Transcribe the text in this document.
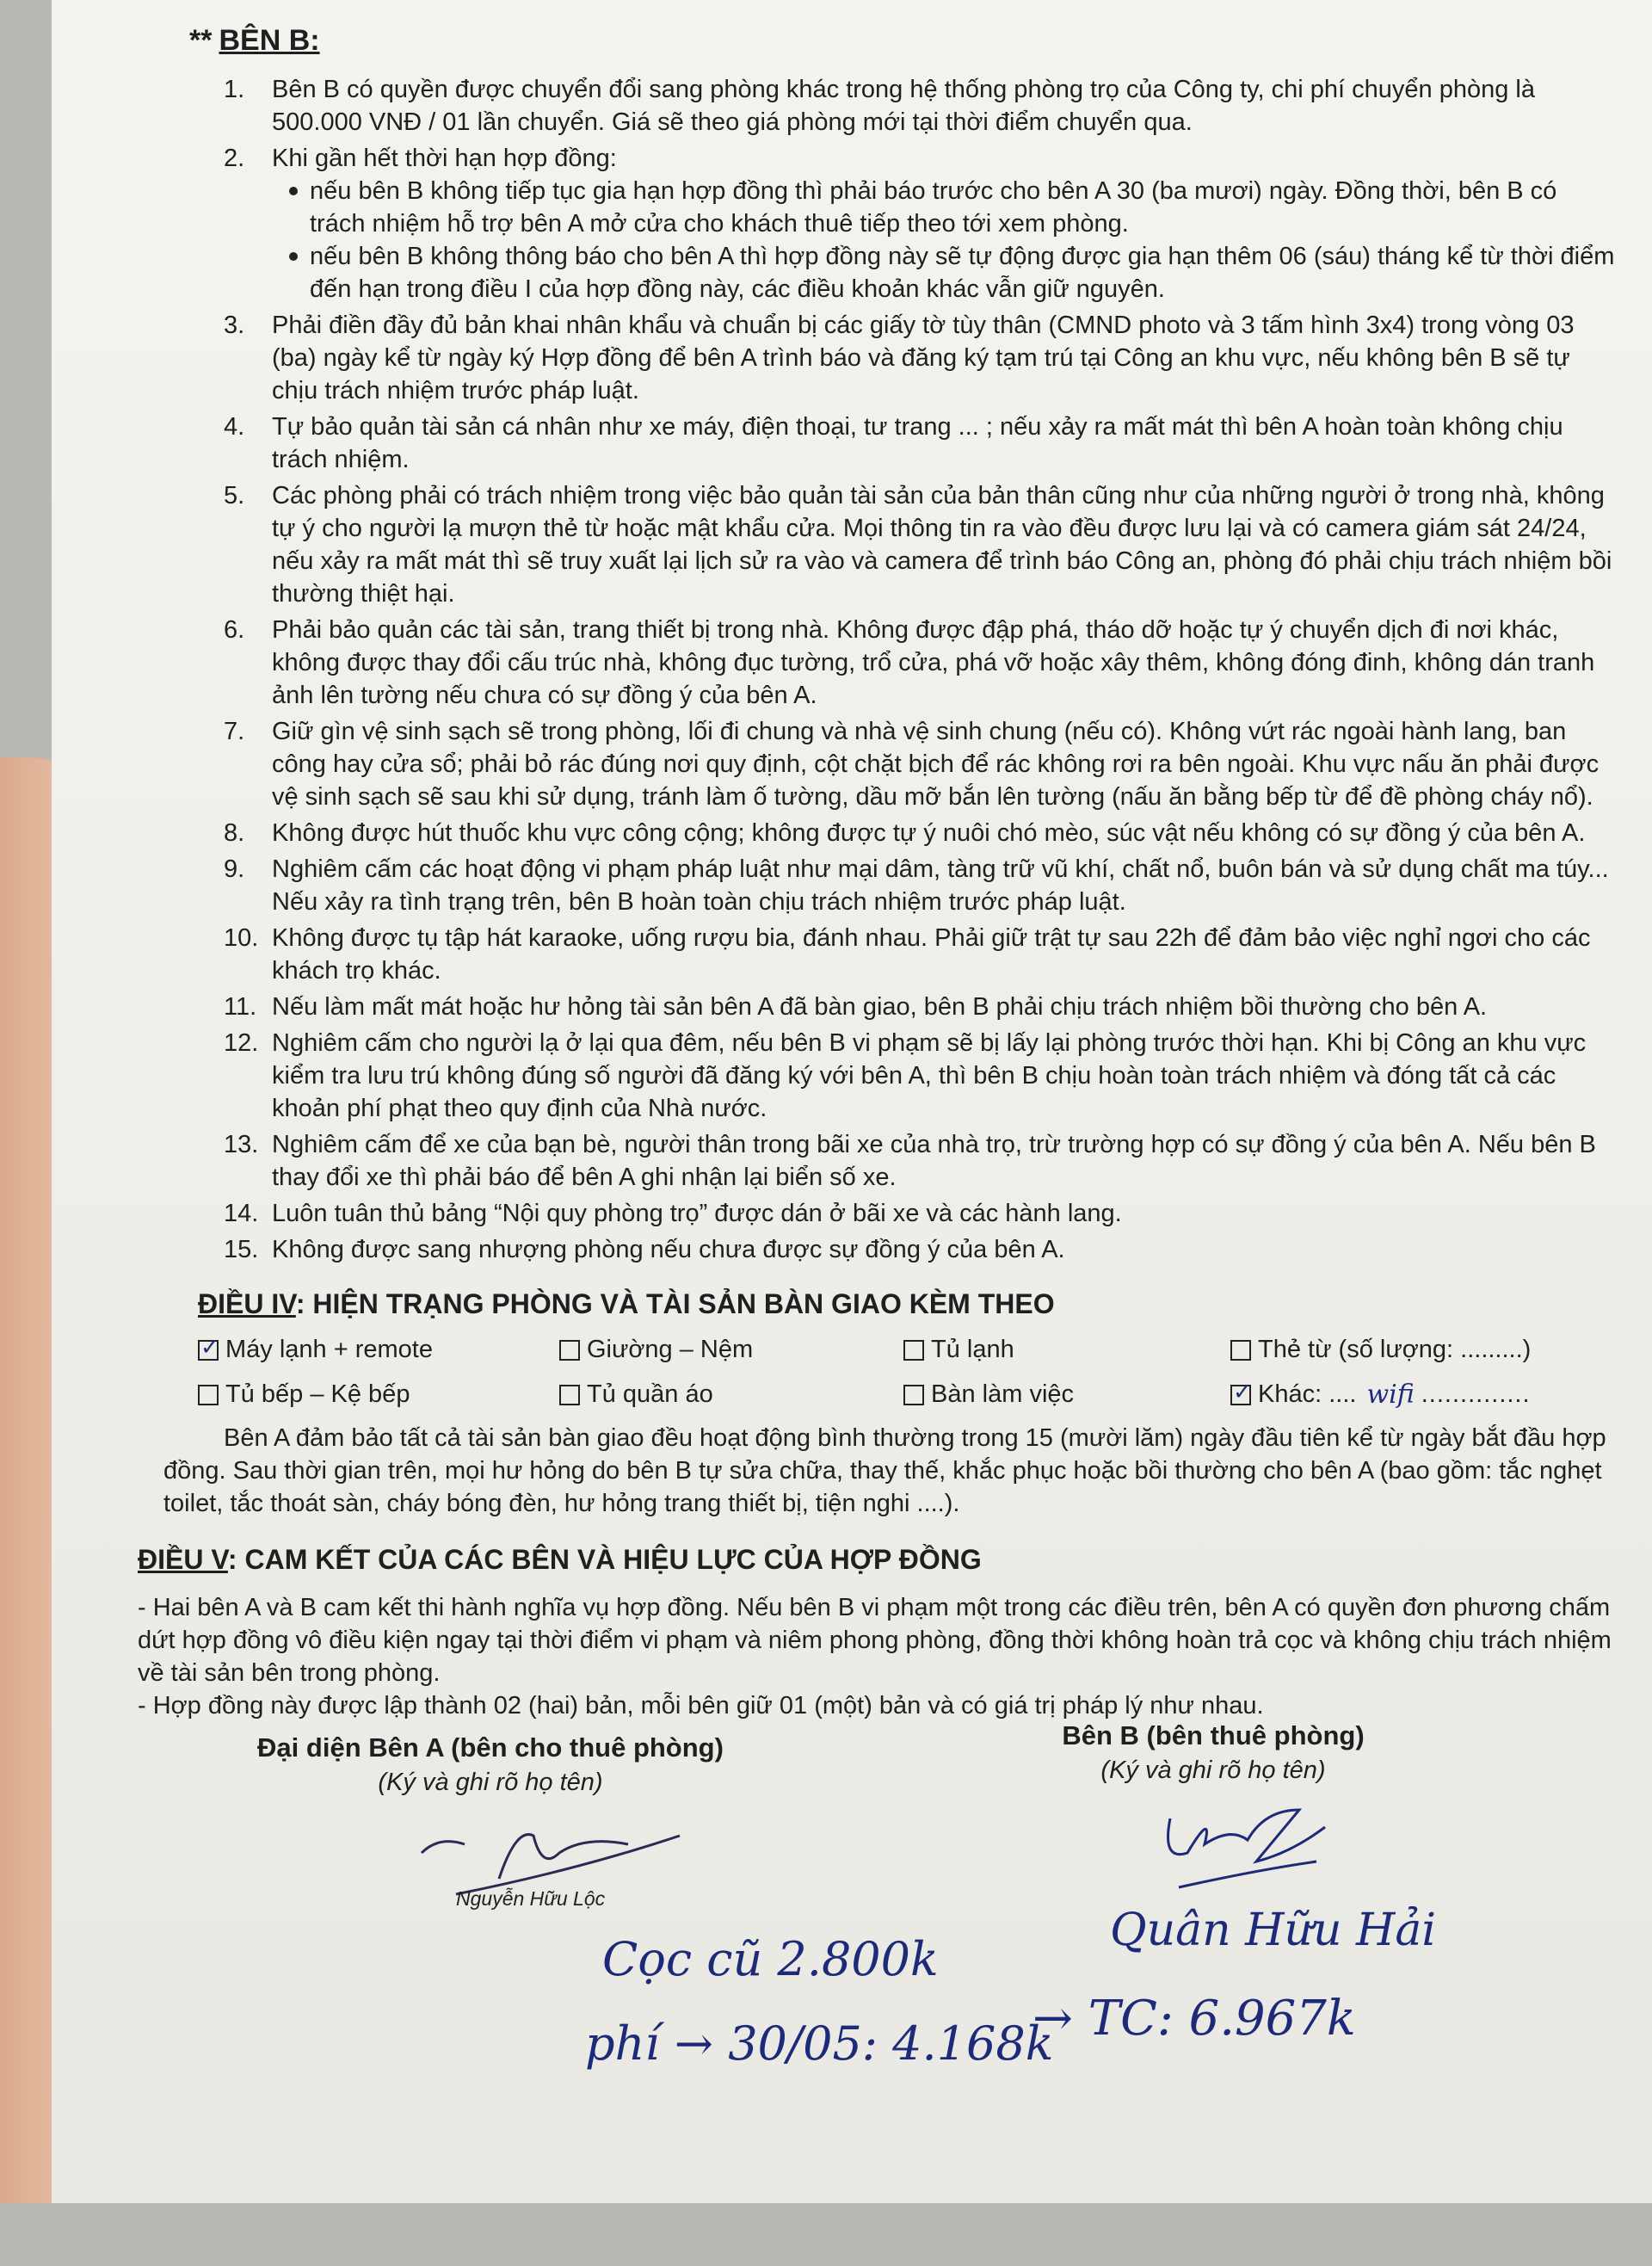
** BÊN B:
1. Bên B có quyền được chuyển đổi sang phòng khác trong hệ thống phòng trọ của Công ty, chi phí chuyển phòng là 500.000 VNĐ / 01 lần chuyển. Giá sẽ theo giá phòng mới tại thời điểm chuyển qua.
2. Khi gần hết thời hạn hợp đồng:
nếu bên B không tiếp tục gia hạn hợp đồng thì phải báo trước cho bên A 30 (ba mươi) ngày. Đồng thời, bên B có trách nhiệm hỗ trợ bên A mở cửa cho khách thuê tiếp theo tới xem phòng.
nếu bên B không thông báo cho bên A thì hợp đồng này sẽ tự động được gia hạn thêm 06 (sáu) tháng kể từ thời điểm đến hạn trong điều I của hợp đồng này, các điều khoản khác vẫn giữ nguyên.
3. Phải điền đầy đủ bản khai nhân khẩu và chuẩn bị các giấy tờ tùy thân (CMND photo và 3 tấm hình 3x4) trong vòng 03 (ba) ngày kể từ ngày ký Hợp đồng để bên A trình báo và đăng ký tạm trú tại Công an khu vực, nếu không bên B sẽ tự chịu trách nhiệm trước pháp luật.
4. Tự bảo quản tài sản cá nhân như xe máy, điện thoại, tư trang ... ; nếu xảy ra mất mát thì bên A hoàn toàn không chịu trách nhiệm.
5. Các phòng phải có trách nhiệm trong việc bảo quản tài sản của bản thân cũng như của những người ở trong nhà, không tự ý cho người lạ mượn thẻ từ hoặc mật khẩu cửa. Mọi thông tin ra vào đều được lưu lại và có camera giám sát 24/24, nếu xảy ra mất mát thì sẽ truy xuất lại lịch sử ra vào và camera để trình báo Công an, phòng đó phải chịu trách nhiệm bồi thường thiệt hại.
6. Phải bảo quản các tài sản, trang thiết bị trong nhà. Không được đập phá, tháo dỡ hoặc tự ý chuyển dịch đi nơi khác, không được thay đổi cấu trúc nhà, không đục tường, trổ cửa, phá vỡ hoặc xây thêm, không đóng đinh, không dán tranh ảnh lên tường nếu chưa có sự đồng ý của bên A.
7. Giữ gìn vệ sinh sạch sẽ trong phòng, lối đi chung và nhà vệ sinh chung (nếu có). Không vứt rác ngoài hành lang, ban công hay cửa sổ; phải bỏ rác đúng nơi quy định, cột chặt bịch để rác không rơi ra bên ngoài. Khu vực nấu ăn phải được vệ sinh sạch sẽ sau khi sử dụng, tránh làm ố tường, dầu mỡ bắn lên tường (nấu ăn bằng bếp từ để đề phòng cháy nổ).
8. Không được hút thuốc khu vực công cộng; không được tự ý nuôi chó mèo, súc vật nếu không có sự đồng ý của bên A.
9. Nghiêm cấm các hoạt động vi phạm pháp luật như mại dâm, tàng trữ vũ khí, chất nổ, buôn bán và sử dụng chất ma túy... Nếu xảy ra tình trạng trên, bên B hoàn toàn chịu trách nhiệm trước pháp luật.
10. Không được tụ tập hát karaoke, uống rượu bia, đánh nhau. Phải giữ trật tự sau 22h để đảm bảo việc nghỉ ngơi cho các khách trọ khác.
11. Nếu làm mất mát hoặc hư hỏng tài sản bên A đã bàn giao, bên B phải chịu trách nhiệm bồi thường cho bên A.
12. Nghiêm cấm cho người lạ ở lại qua đêm, nếu bên B vi phạm sẽ bị lấy lại phòng trước thời hạn. Khi bị Công an khu vực kiểm tra lưu trú không đúng số người đã đăng ký với bên A, thì bên B chịu hoàn toàn trách nhiệm và đóng tất cả các khoản phí phạt theo quy định của Nhà nước.
13. Nghiêm cấm để xe của bạn bè, người thân trong bãi xe của nhà trọ, trừ trường hợp có sự đồng ý của bên A. Nếu bên B thay đổi xe thì phải báo để bên A ghi nhận lại biển số xe.
14. Luôn tuân thủ bảng “Nội quy phòng trọ” được dán ở bãi xe và các hành lang.
15. Không được sang nhượng phòng nếu chưa được sự đồng ý của bên A.
ĐIỀU IV: HIỆN TRẠNG PHÒNG VÀ TÀI SẢN BÀN GIAO KÈM THEO
✓
Máy lạnh + remote	Giường – Nệm	Tủ lạnh	Thẻ từ (số lượng: .........)
Tủ bếp – Kệ bếp	Tủ quần áo	Bàn làm việc
✓	Khác: .... wifi ..............

Bên A đảm bảo tất cả tài sản bàn giao đều hoạt động bình thường trong 15 (mười lăm) ngày đầu tiên kể từ ngày bắt đầu hợp đồng. Sau thời gian trên, mọi hư hỏng do bên B tự sửa chữa, thay thế, khắc phục hoặc bồi thường cho bên A (bao gồm: tắc nghẹt toilet, tắc thoát sàn, cháy bóng đèn, hư hỏng trang thiết bị, tiện nghi ....).

ĐIỀU V: CAM KẾT CỦA CÁC BÊN VÀ HIỆU LỰC CỦA HỢP ĐỒNG

- Hai bên A và B cam kết thi hành nghĩa vụ hợp đồng. Nếu bên B vi phạm một trong các điều trên, bên A có quyền đơn phương chấm dứt hợp đồng vô điều kiện ngay tại thời điểm vi phạm và niêm phong phòng, đồng thời không hoàn trả cọc và không chịu trách nhiệm về tài sản bên trong phòng.

- Hợp đồng này được lập thành 02 (hai) bản, mỗi bên giữ 01 (một) bản và có giá trị pháp lý như nhau.

Đại diện Bên A (bên cho thuê phòng)
(Ký và ghi rõ họ tên)
Bên B (bên thuê phòng)
(Ký và ghi rõ họ tên)
Nguyễn Hữu Lộc
Quân Hữu Hải
Cọc cũ 2.800k
phí → 30/05: 4.168k
→ TC: 6.967k
